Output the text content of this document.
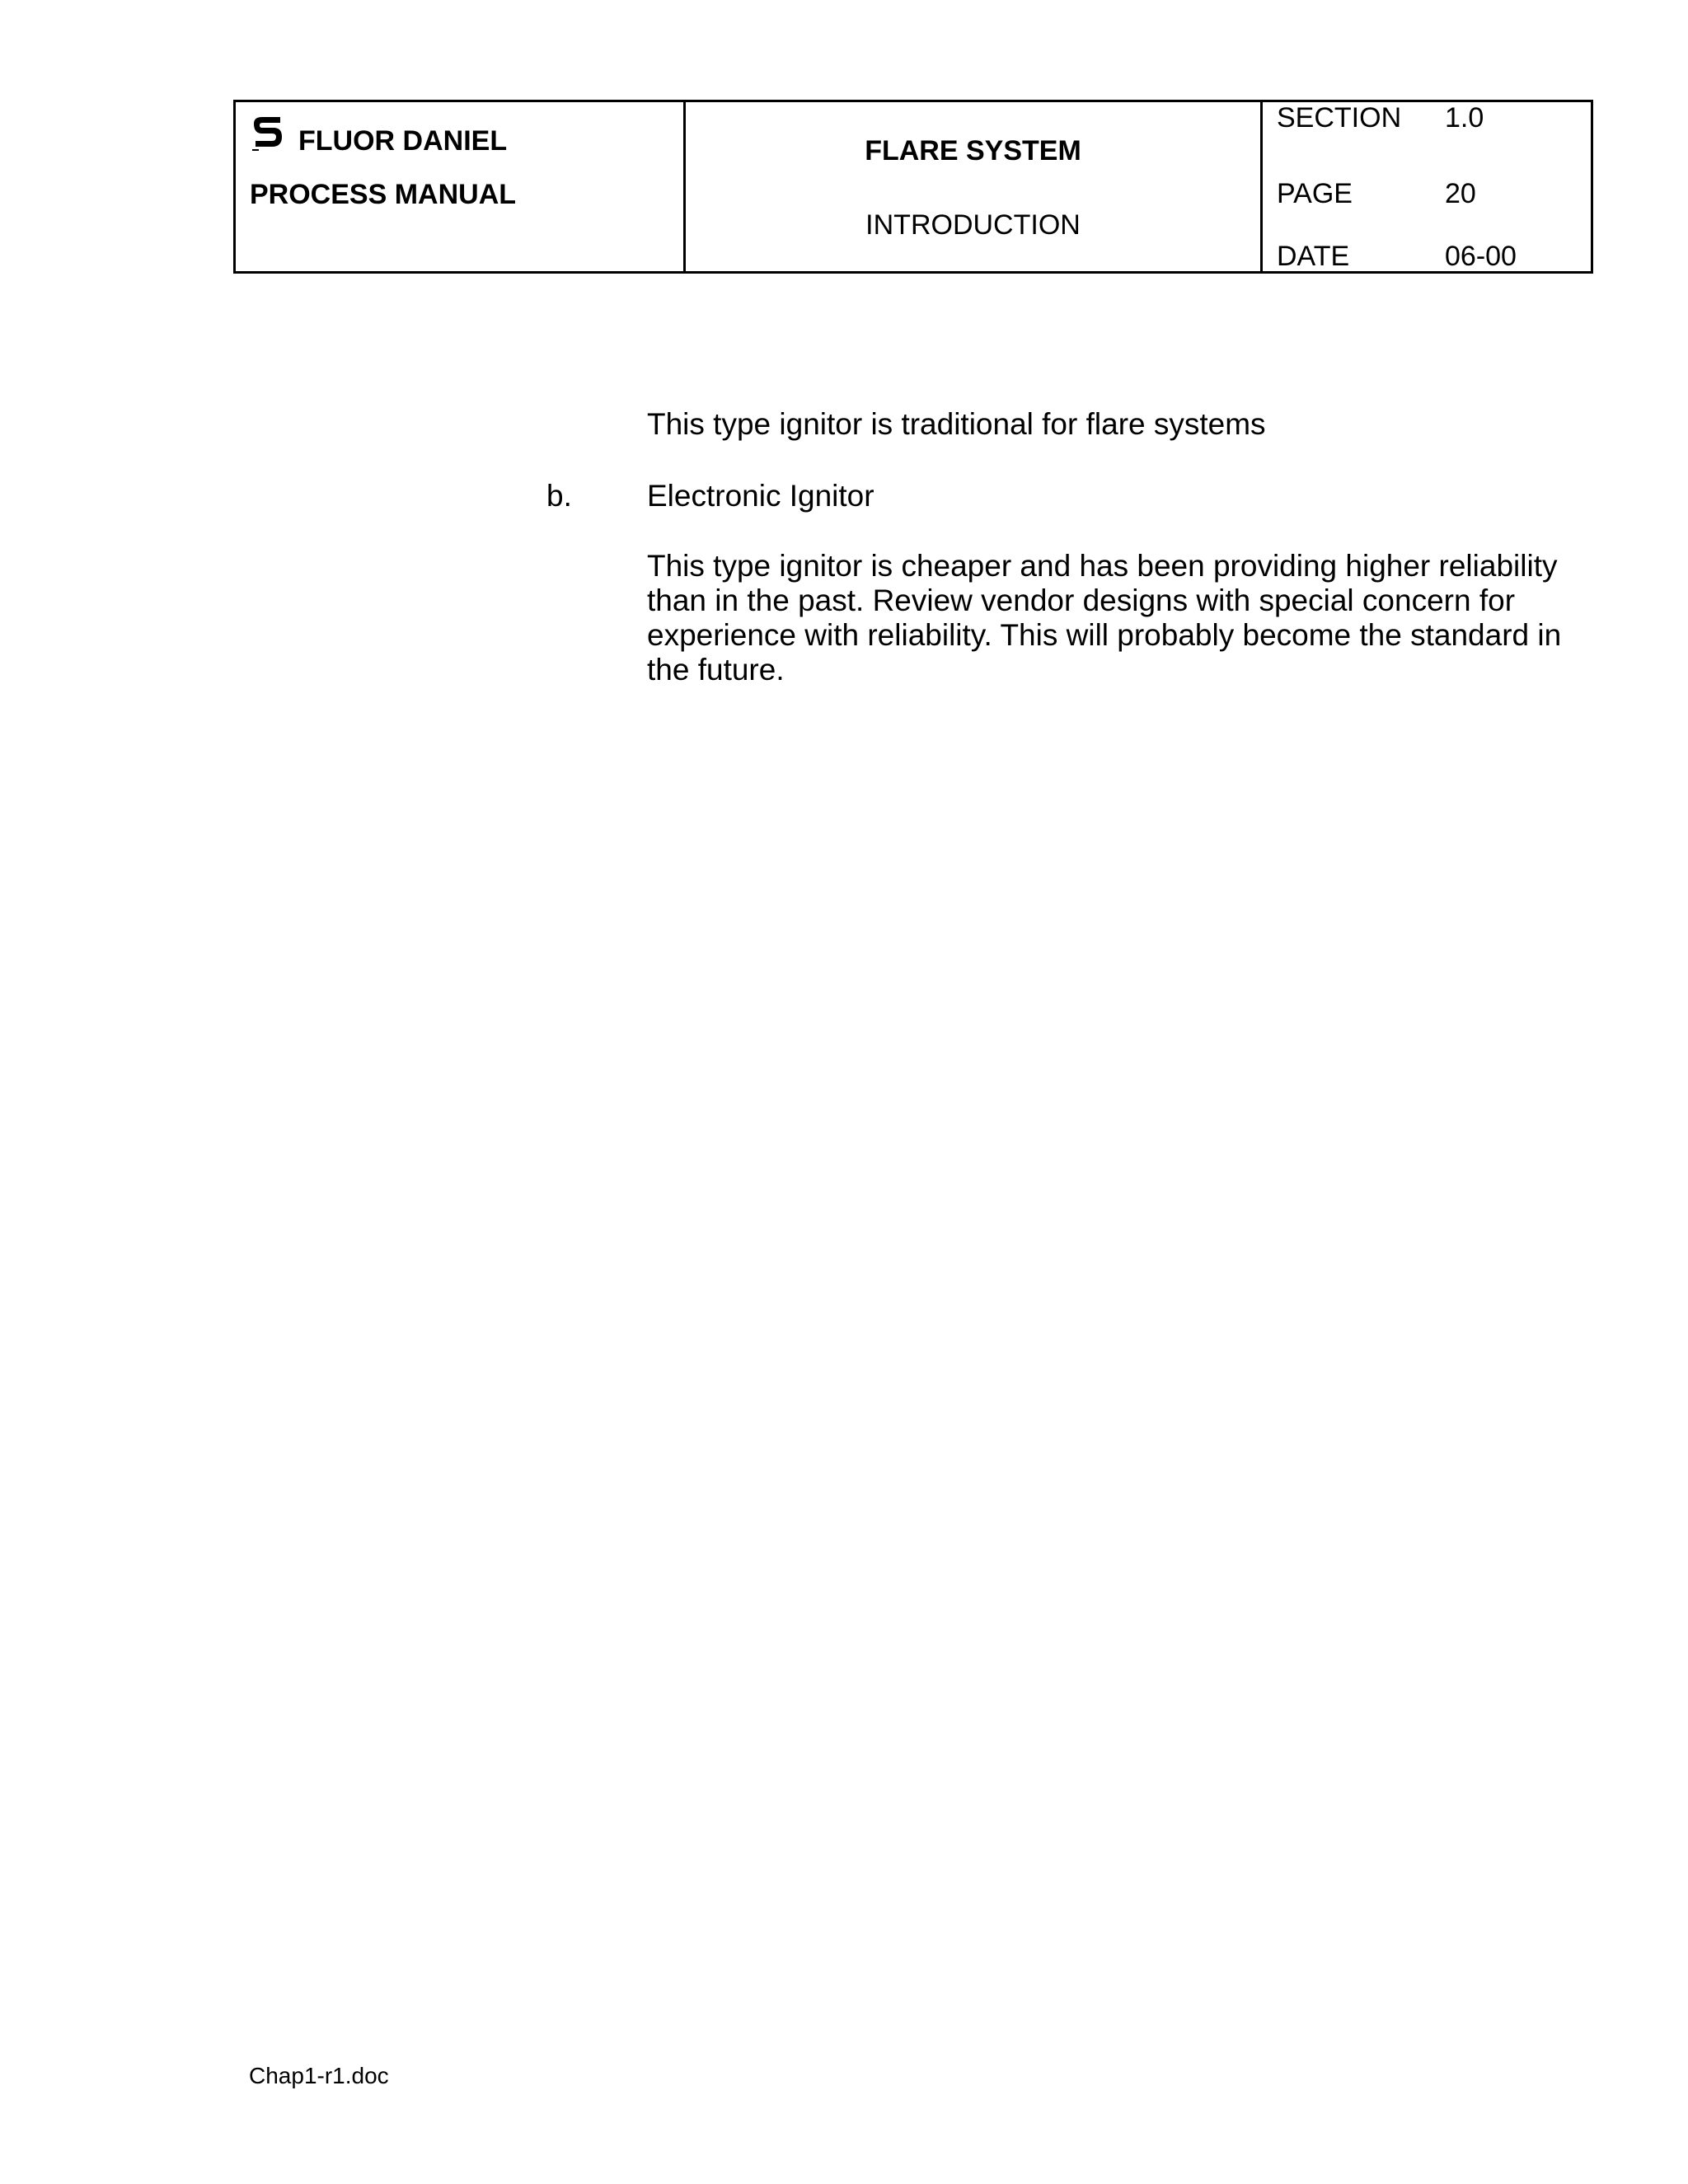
FLUOR DANIEL
PROCESS MANUAL
FLARE SYSTEM
INTRODUCTION
SECTION	1.0
PAGE	20
DATE	06-00
This type ignitor is traditional for flare systems
b. Electronic Ignitor
This type ignitor is cheaper and has been providing higher reliability than in the past. Review vendor designs with special concern for experience with reliability. This will probably become the standard in the future.
Chap1-r1.doc
